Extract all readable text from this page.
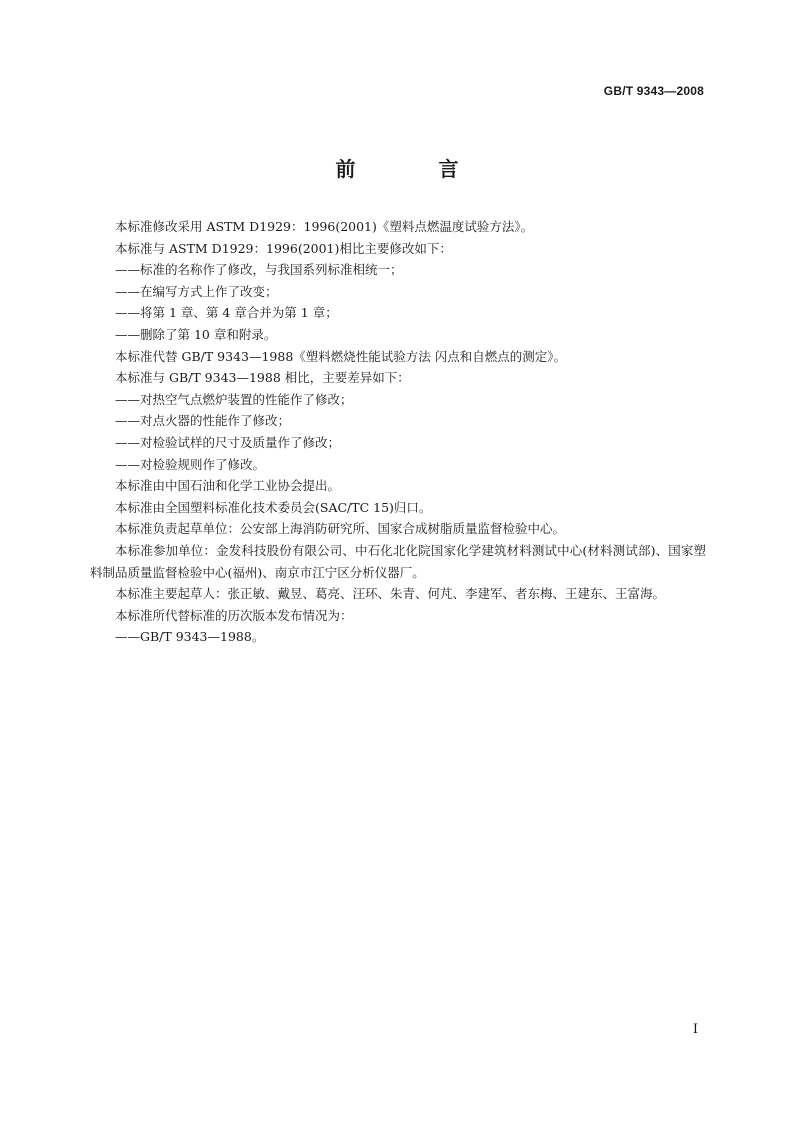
GB/T 9343—2008
前 言

本标准修改采用 ASTM D1929：1996(2001)《塑料点燃温度试验方法》。

本标准与 ASTM D1929：1996(2001)相比主要修改如下：

——标准的名称作了修改，与我国系列标准相统一；

——在编写方式上作了改变；

——将第 1 章、第 4 章合并为第 1 章；

——删除了第 10 章和附录。

本标准代替 GB/T 9343—1988《塑料燃烧性能试验方法 闪点和自燃点的测定》。

本标准与 GB/T 9343—1988 相比，主要差异如下：

——对热空气点燃炉装置的性能作了修改；

——对点火器的性能作了修改；

——对检验试样的尺寸及质量作了修改；

——对检验规则作了修改。

本标准由中国石油和化学工业协会提出。

本标准由全国塑料标准化技术委员会(SAC/TC 15)归口。

本标准负责起草单位：公安部上海消防研究所、国家合成树脂质量监督检验中心。

本标准参加单位：金发科技股份有限公司、中石化北化院国家化学建筑材料测试中心(材料测试部)、国家塑料制品质量监督检验中心(福州)、南京市江宁区分析仪器厂。

本标准主要起草人：张正敏、戴昱、葛亮、汪环、朱青、何芃、李建军、者东梅、王建东、王富海。

本标准所代替标准的历次版本发布情况为：

——GB/T 9343—1988。

I
